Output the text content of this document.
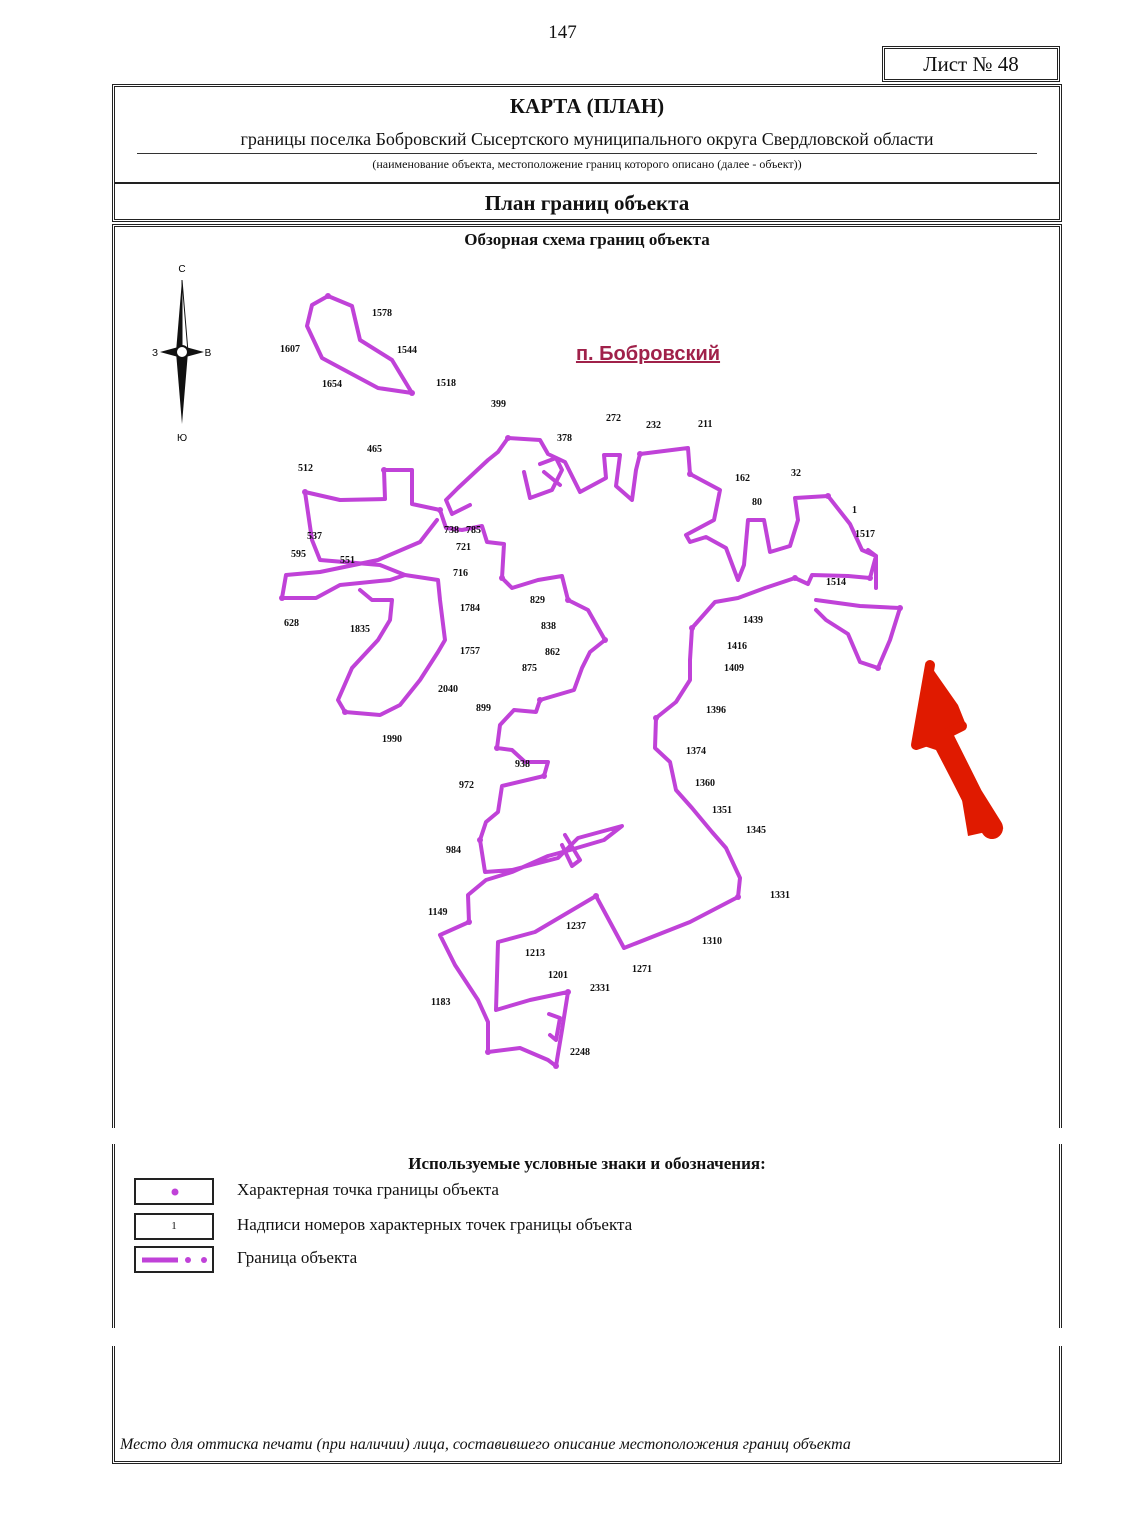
147
Лист № 48
КАРТА (ПЛАН)
границы поселка Бобровский Сысертского муниципального округа Свердловской области
(наименование объекта, местоположение границ которого описано (далее - объект))
План границ объекта
Обзорная схема границ объекта
С
Ю
З	В	п. Бобровский
1578
1544
1607
1654	1518
399
272
232	211
378
465
512
162	32
80
1
1517
738 785
721
537
595
551
716
1514
829
1784
628	1439
838
1835
1416
862
1757
875	1409
2040
899	1396
1990
938
1374
972	1360
1351
1345
984
1331
1149
1237
1310
1213
1271
1201
2331
1183
2248
Используемые условные знаки и обозначения:
Характерная точка границы объекта
1	Надписи номеров характерных точек границы объекта
Граница объекта
Место для оттиска печати (при наличии) лица, составившего описание местоположения границ объекта
